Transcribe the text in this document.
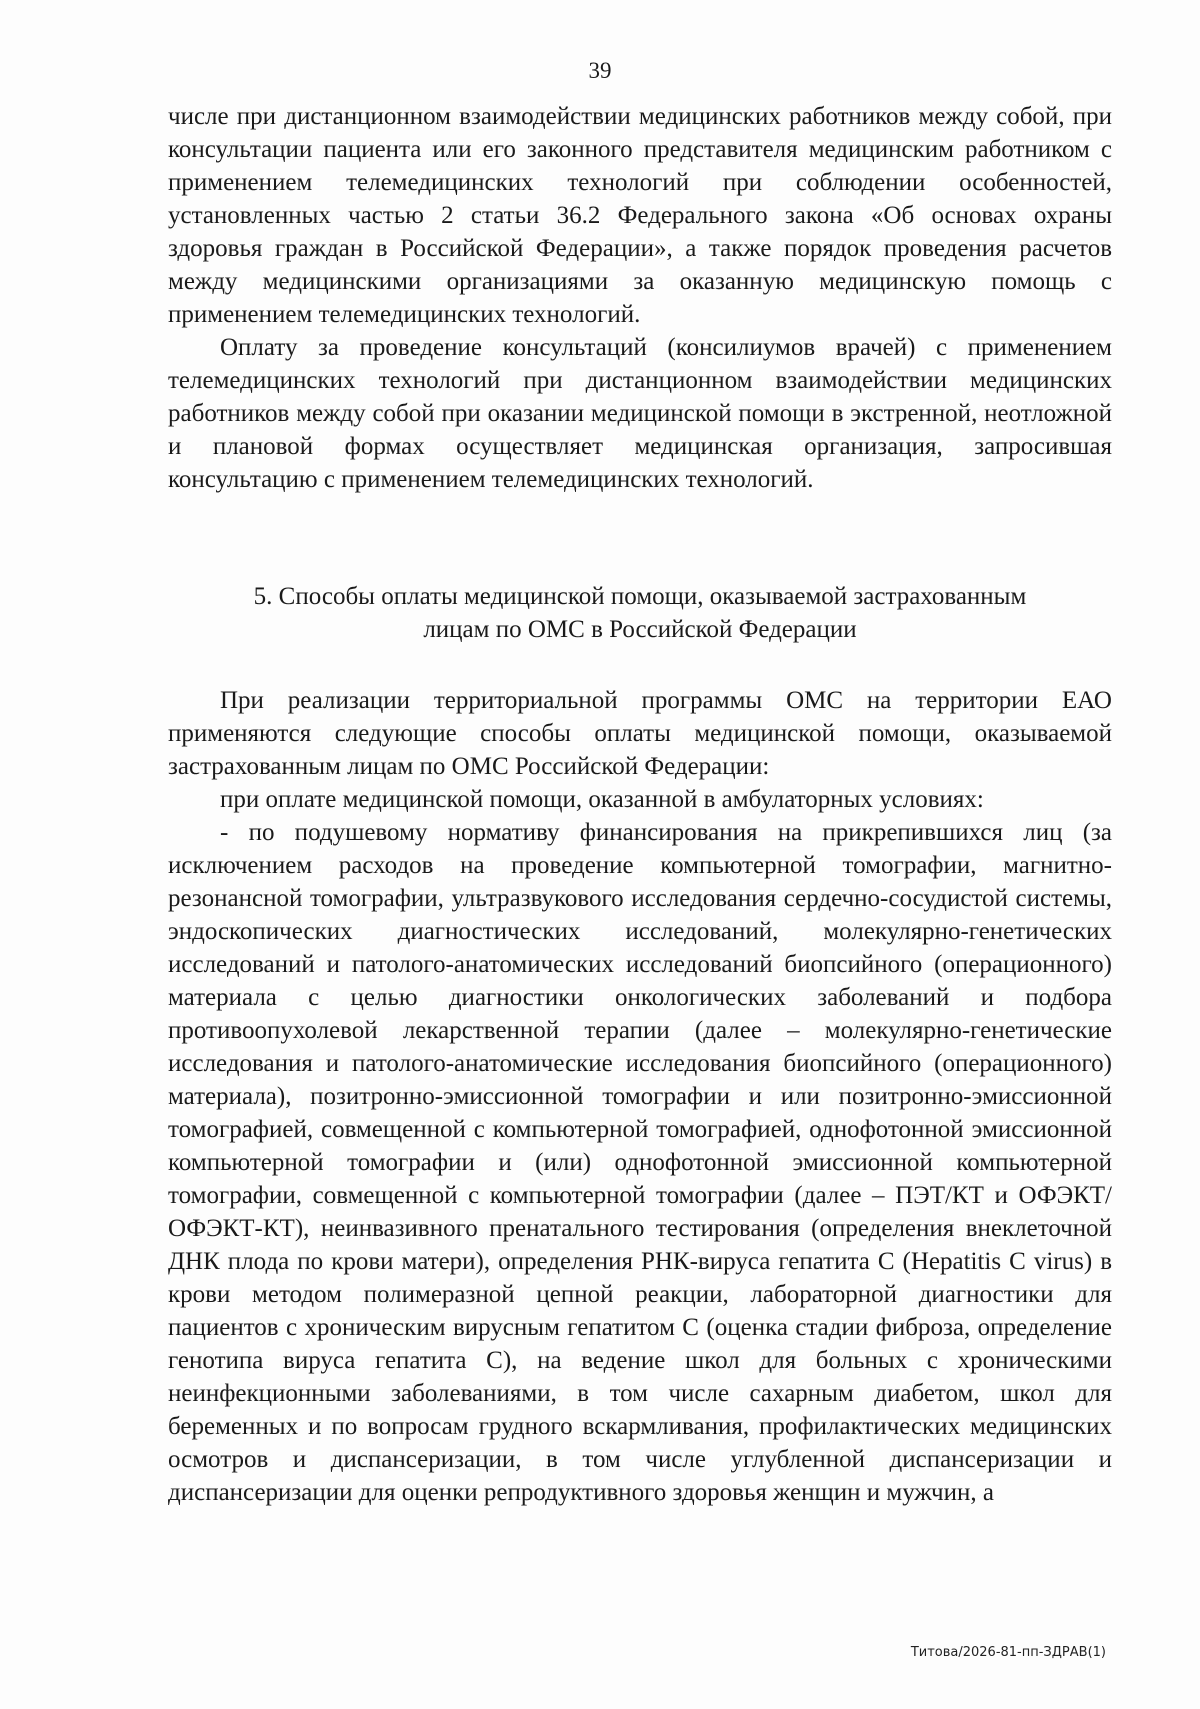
39

числе при дистанционном взаимодействии медицинских работников между собой, при консультации пациента или его законного представителя медицинским работником с применением телемедицинских технологий при соблюдении особенностей, установленных частью 2 статьи 36.2 Федерального закона «Об основах охраны здоровья граждан в Российской Федерации», а также порядок проведения расчетов между медицинскими организациями за оказанную медицинскую помощь с применением телемедицинских технологий.

Оплату за проведение консультаций (консилиумов врачей) с применением телемедицинских технологий при дистанционном взаимодействии медицинских работников между собой при оказании медицинской помощи в экстренной, неотложной и плановой формах осуществляет медицинская организация, запросившая консультацию с применением телемедицинских технологий.

5. Способы оплаты медицинской помощи, оказываемой застрахованным

лицам по ОМС в Российской Федерации

При реализации территориальной программы ОМС на территории ЕАО применяются следующие способы оплаты медицинской помощи, оказываемой застрахованным лицам по ОМС Российской Федерации:

при оплате медицинской помощи, оказанной в амбулаторных условиях:

- по подушевому нормативу финансирования на прикрепившихся лиц (за исключением расходов на проведение компьютерной томографии, магнитно-резонансной томографии, ультразвукового исследования сердечно-сосудистой системы, эндоскопических диагностических исследований, молекулярно-генетических исследований и патолого-анатомических исследований биопсийного (операционного) материала с целью диагностики онкологических заболеваний и подбора противоопухолевой лекарственной терапии (далее – молекулярно-генетические исследования и патолого-анатомические исследования биопсийного (операционного) материала), позитронно-эмиссионной томографии и или позитронно-эмиссионной томографией, совмещенной с компьютерной томографией, однофотонной эмиссионной компьютерной томографии и (или) однофотонной эмиссионной компьютерной томографии, совмещенной с компьютерной томографии (далее – ПЭТ/КТ и ОФЭКТ/ОФЭКТ-КТ), неинвазивного пренатального тестирования (определения внеклеточной ДНК плода по крови матери), определения РНК-вируса гепатита С (Hepatitis C virus) в крови методом полимеразной цепной реакции, лабораторной диагностики для пациентов с хроническим вирусным гепатитом С (оценка стадии фиброза, определение генотипа вируса гепатита С), на ведение школ для больных с хроническими неинфекционными заболеваниями, в том числе сахарным диабетом, школ для беременных и по вопросам грудного вскармливания, профилактических медицинских осмотров и диспансеризации, в том числе углубленной диспансеризации и диспансеризации для оценки репродуктивного здоровья женщин и мужчин, а

Титова/2026-81-пп-ЗДРАВ(1)
